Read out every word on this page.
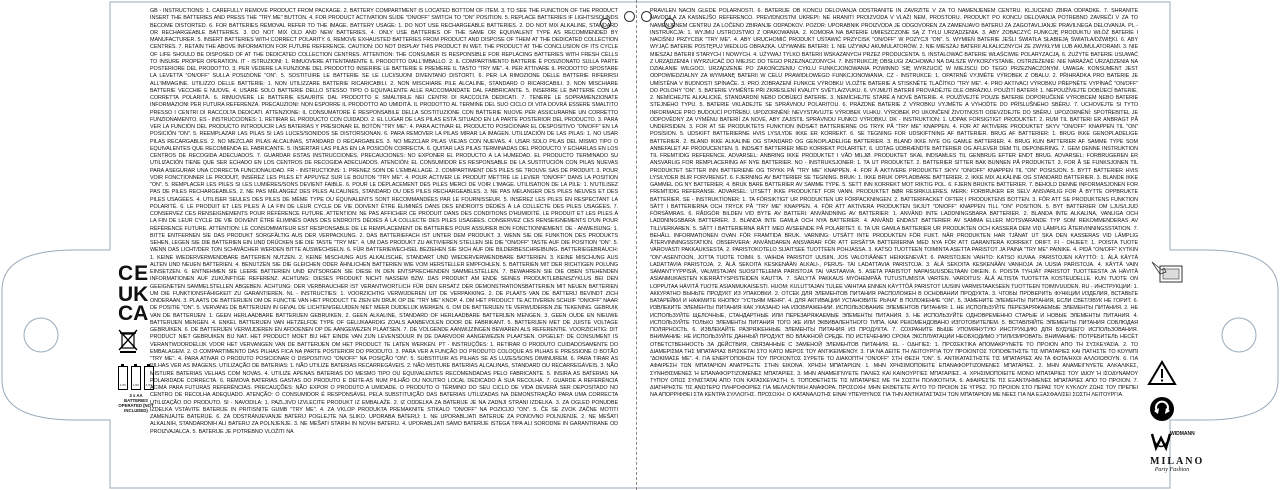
GB - INSTRUCTIONS: 1. CAREFULLY REMOVE PRODUCT FROM PACKAGE. 2. BATTERY COMPARTMENT IS LOCATED BOTTOM OF ITEM. 3. TO SEE THE FUNCTION OF THE PRODUCT INSERT THE BATTERIES AND PRESS THE "TRY ME" BUTTON. 4. FOR PRODUCT ACTIVATION SLIDE "ON/OFF" SWITCH TO "ON" POSITION. 5. REPLACE BATTERIES IF LIGHTS/SOUNDS BECOME DISTORTED. 6. FOR BATTERIES REMOVAL REFER TO THE IMAGE. BATTERY USAGE: 1. DO NOT USE RECHARGEABLE BATTERIES. 2. DO NOT MIX ALKALINE, STANDARD OR RECHARGEABLE BATTERIES. 3. DO NOT MIX OLD AND NEW BATTERIES. 4. ONLY USE BATTERIES OF THE SAME OR EQUIVALENT TYPE AS RECOMMENDED BY MANUFACTURER. 5. INSERT BATTERIES WITH CORRECT POLARITY. 6. REMOVE EXHAUSTED BATTERIES FROM PRODUCT AND DISPOSE OF THEM AT THE DEDICATED COLLECTION CENTRES. 7. RETAIN THE ABOVE INFORMATION FOR FUTURE REFERENCE. CAUTION: DO NOT DISPLAY THIS PRODUCT IN WET. THE PRODUCT AT THE CONCLUSION OF ITS CYCLE OF LIFE SHOULD BE DISPOSED OF AT THE DEDICATED COLLECTION CENTRES. ATTENTION: THE CONSUMER IS RESPONSIBLE FOR REPLACING BATTERIES WITH FRESH CELLS TO INSURE PROPER OPERATION. IT - ISTRUZIONI: 1. RIMUOVERE ATTENTAMENTE IL PRODOTTO DALL'IMBALLO. 2. IL COMPARTIMENTO BATTERIE È POSIZIONATO SULLA PARTE POSTERIORE DEL PRODOTTO. 3. PER VEDERE LA FUNZIONE DEL PRODOTTO INSERIRE LE BATTERIE E PREMERE IL TASTO "TRY ME". 4. PER ATTIVARE IL PRODOTTO SPOSTARE LA LEVETTA "ON/OFF" SULLA POSIZIONE "ON". 5. SOSTITUIRE LE BATTERIE SE LE LUCI/SUONI DIVENTANO DISTORTI. 6. PER LA RIMOZIONE DELLE BATTERIE RIFERIRSI ALL'IMMAGINE. UTILIZZO DELLE BATTERIE: 1. NON UTILIZZARE BATTERIE RICARICABILI. 2. NON MISCHIARE PILE ALCALINE, STANDARD O RICARICABILI. 3. NON MISCHIARE BATTERIE VECCHIE E NUOVE. 4. USARE SOLO BATTERIE DELLO STESSO TIPO O EQUIVALENTE ALLE RACCOMANDATE DAL FABBRICANTE. 5. INSERIRE LE BATTERIE CON LA CORRETTA POLARITÀ. 6. RIMUOVERE LE BATTERIE ESAURITE DAL PRODOTTO E SMALTIRLE NEI CENTRI DI RACCOLTA DEDICATI. 7. TENERE LE SOPRAMENZIONATE INFORMAZIONI PER FUTURA REFERENZA. PRECAUZIONI: NON ESPORRE IL PRODOTTO AD UMIDITÀ. IL PRODOTTO AL TERMINE DEL SUO CICLO DI VITA DOVRÀ ESSERE SMALTITO PRESSO I CENTRI DI RACCOLTA DEDICATI. ATTENZIONE: IL CONSUMATORE È RESPONSABILE DELLA SOSTITUZIONE CON BATTERIE NUOVE PER ASSICURARNE UN CORRETTO FUNZIONAMENTO. ES - INSTRUCCIONES: 1. RETIRAR EL PRODUCTO CON CUIDADO. 2. EL LUGAR DE LAS PILAS ESTÁ SITUADO EN LA PARTE POSTERIOR DEL PRODUCTO. 3. PARA VER LA FUNCIÓN DEL PRODUCTO INTRODUCIR LAS BATERÍAS Y PRESIONAR EL BOTÓN "TRY ME". 4. PARA ACTIVAR EL PRODUCTO POSICIONAR EL DESPOSITIVO "ON/OFF" EN LA POSICIÓN "ON". 5. REEMPLAZAR LAS PILAS SI LAS LUCES/SONIDOS SE DISTORSIONAN. 6. PARA REMOVER LA PILAS MIRAR LA IMAGEN. UTILIZACIÓN DE LAS PILAS: 1. NO USAR PILAS RECARGABLES. 2. NO MEZCLAR PILAS ALCALINAS, STANDARD O RECARGABLES. 3. NO MEZCLAR PILAS VIEJAS CON NUEVAS. 4. USAR SOLO PILAS DEL MISMO TIPO O EQUIVALENTES QUE RECOMIENDA EL FABRICANTE. 5. INSERTAR LAS PILAS EN LA POSICIÓN CORRECTA. 6. QUITAR LAS PILAS TERMINADAS DEL PRODUCTO Y ECHARLAS EN LOS CENTROS DE RECOGIDA ADECUADOS. 7. GUARDAR ESTAS INSTRUCCIONES. PRECAUCIONES: NO EXPONER EL PRODUCTO A LA HUMEDAD. EL PRODUCTO TERMINADO SU UTILIZACIÓN TIENE QUE SER ECHADO EN LOS CENTROS DE RECOGIDA ADECUADOS. ATENCIÓN: EL CONSUMIDOR ES RESPONSABLE DE LA SUSTITUCIÓN CON PILAS NUEVAS PARA ASEGURAR UNA CORRECTA FUNCIONALIDAD. FR - INSTRUCTIONS: 1. PRENEZ SOIN DE L'EMBALLAGE. 2. COMPARTIMENT DES PILES SE TROUVE SAS DE PRODUIT. 3. POUR VOIR FONCTIONNER LE PRODUIT, INSÉREZ LES PILES ET APPUYEZ SUR LE BOUTON "TRY ME". 4. POUR ACTIVER LE PRODUIT METTRE LE LEVIER "ON/OFF" DANS LA POSITION "ON". 5. REMPLACER LES PILES SI LES LUMIÈRES/SONS DEVIENT FAIBLE. 6. POUR LE DÉPLACEMENT DES PILES MERCI DE VOIR L'IMAGE. UTILISATION DE LA PILE: 1. N'UTILISEZ PAS DE PILES RECHARGEABLES. 2. NE PAS MÉLANGEZ DES PILES ALCALINES, STANDARD OU DES PILES RECHARGEABLES. 3. NE PAS MÉLANGER DES PILES NEUVES ET DES PILES USAGÉES. 4. UTILISER SEULES DES PILES DE MÊME TYPE OU ÉQUIVALENTS SONT RECOMMANDÉES PAR LE FOURNISSEUR. 5. INSÉREZ LES PILES EN RESPECTANT LA POLARITÉ. 6. LE PRODUIT ET LES PILES À LA FIN DE LEUR CYCLE DE VIE DOIVENT ÊTRE ÉLIMINÉS DANS DES ENDROITS DÉDIÉS À LA COLLECTE DES PILES USAGÉES. 7. CONSERVEZ CES RENSEIGNEMENTS POUR RÉFÉRENCE FUTURE. ATTENTION: NE PAS AFFICHER CE PRODUIT DANS DES CONDITIONS D'HUMIDITÉ. LE PRODUIT ET LES PILES À LA FIN DE LEUR CYCLE DE VIE DOIVENT ÊTRE ÉLIMINÉS DANS DES ENDROITS DÉDIÉS À LA COLLECTE DES PILES USAGÉES. CONSERVEZ CES RENSEIGNEMENTS D'UN POUR RÉFÉRENCE FUTURE. ATTENTION: LE CONSOMMATEUR EST RESPONSABLE DE LE REMPLACEMENT DE BATTERIES POUR ASSURER BON FONCTIONNEMENT. DE - ANWEISUNG: 1. BITTE ENTFERNEN SIE DAS PRODUKT SORGFÄLTIG AUS DER VERPACKUNG. 2. DAS BATTERIEFACH IST UNTER DEM PRODUKT. 3. WENN SIE DIE FUNKTION DES PRODUKTS SEHEN, LEGEN SIE DIE BATTERIEN EIN UND DRÜCKEN SIE DIE TASTE "TRY ME". 4. UM DAS PRODUKT ZU AKTIVIEREN STELLEN SIE DIE "ON/OFF" TASTE AUF DIE POSITION "ON". 5. WENN DAS LICHT/DER TON SCHWÄCHER WERDEN BITTE AUSWECHSELN. 6. FÜR BATTERIEWECHSEL BEZIEHEN SIE SICH AUF DIE BILDERBESCHREIBUNG. BATTERIEGEBRAUCH: 1. KEINE WIEDERVERWENDBARE BATTERIEN NUTZEN. 2. KEINE MISCHUNG AUS ALKALISCHE, STANDART UND WIEDERVERWENDBARE BATTERIEN. 3. KEINE MISCHUNG AUS ALTEN UND NEUEN BATTERIEN. 4. BENUTZEN SIE DIE GLEICHEN ODER ÄHNLICHEN BATTERIEN WIE VOM HERSTELLER EMPFOHLEN. 5. BATTERIEN MIT DER RICHTIGEN POLUNG EINSETZEN. 6. ENTNEHMEN SIE LEERE BATTERIEN UND ENTSORGEN SIE DIESE IN DEN ENTSPRECHENDEN SAMMELSTELLEN. 7. BEWAHREN SIE DIE OBEN STEHENDEN INFORMATIONEN AUF ZUKÜNFTIGE REFERENZ. ACHTUNG: DIESES PRODUKT NICHT NASSEM BZW. DAS PRODUKT AM ENDE SEINES PRODUKTLEBENSZYKLUS BEI DEN GEEIGNETEN SAMMELSTELLEN ABGEBEN. ACHTUNG: DER VERBRAUCHER IST VERANTWORTLICH FÜR DEN ERSATZ DER DEMONSTRATIONSBATTERIEN MIT NEUEN BATTERIEN UM DIE FUNKTIONSFÄHIGKEIT ZU GARANTIEREN. NL - INSTRUCTIES: 1. VOORZICHTIG VERWIJDEREN UIT DE VERPAKKING. 2. DE PLAATS VAN DE BATTERIJ BEVINDT ZICH ONDERAAN. 3. PLAATS DE BATTERIJEN OM DE FUNCTIE VAN HET PRODUCT TE ZIEN EN DRUK OP DE "TRY ME" KNOP. 4. OM HET PRODUCT TE ACTIVEREN SCHUIF "ON/OFF" NAAR DE POSITIE "ON". 5. VERVANG DE BATTERIJEN IN GEVAL DE LICHTEN/GELUIDEN NIET MEER DUIDELIJK WERKEN. 6. OM DE BATTERIJEN TE VERWIJDEREN ZIE TEKENING. GEBRUIK VAN DE BATTERIJEN: 1. GEEN HERLAADBARE BATTERIJEN GEBRUIKEN. 2. GEEN ALKALINE, STANDARD OF HERLAADBARE BATTERIJEN MENGEN. 3. GEEN OUDE EN NIEUWE BATTERIJEN MENGEN. 4. ENKEL BATTERIJEN VAN HETZELFDE TYPE OF GELIJKAARDIG ZOALS AANBEVOLEN DOOR DE FABRIKANT. 5. BATTERIJEN MET DE JUISTE VOLTAGE GEBRUIKEN. 6. DE BATTERIJEN VERWIJDEREN EN AFDOENEN OP DE AANGEWEZEN PLAATSEN. 7. DE VOLGENDE AANWIJZINGEN BEWAREN ALS REFERENTIE. VOORZICHTIG: DIT PRODUCT NIET GEBRUIKEN BIJ NAT. HET PRODUCT MOET BIJ HET EINDE VAN ZIJN LEVENSDUUR IN DE DAARVOOR AANGEWEZEN PLAATSEN. OPGELET: DE CONSUMENT IS VERANTWOORDELIJK VOOR HET VERVANGEN VAN DE BATTERIJEN OM HET PRODUCT TE LATEN WERKEN. PT - INSTRUÇÕES: 1. RETIRAR O PRODUTO CUIDADOSAMENTE DO EMBALAGEM. 2. O COMPARTIMENTO DAS PILHAS FICA NA PARTE POSTERIOR DO PRODUTO. 3. PARA VER A FUNÇÃO DO PRODUTO COLOQUE AS PILHAS E PRESSIONE O BOTÃO "TRY ME". 4. PARA ATIVAR O PRODUTO POSICIONAR O DISPOSITIVO "ON/OFF" NA POSIÇÃO "ON". 5. SUBSTITUIR AS PILHAS SE AS LUZES/SONS DIMINUIREM. 6. PARA TIRAR AS PILHAS VER AS IMAGENS. UTILIZAÇÃO DE BATERIAS: 1. NÃO UTILIZE BATERIAS RECARREGÁVEIS. 2. NÃO MISTURE BATERIAS ALCALINAS, STANDARD OU RECARREGÁVEIS. 3. NÃO MISTURE BATERIAS VELHAS COM NOVAS. 4. UTILIZE APENAS BATERIAS DO MESMO TIPO OU EQUIVALENTES RECOMENDADAS PELO FABRICANTE. 5. INSIRA AS BATERIAS NA POLARIDADE CORRECTA. 6. REMOVA BATERIAS GASTAS DO PRODUTO E DEITE-AS NUM PILHÃO OU NOUTRO LOCAL DEDICADO À SUA RECOLHA. 7. GUARDE A REFERÊNCIA ACIMA PARA FUTURAS REFERÊNCIAS. PRECAUÇÕES: NÃO EXPOR O PRODUTO A UMIDADE. O PRODUTO O TÉRMINO DO SEU CICLO DE VIDA DEVERÁ SER DEPOSITADO NO CENTRO DE RECOLHA ADEQUADO. ATENÇÃO: O CONSUMIDOR É RESPONSÁVEL PELA SUBSTITUIÇÃO DAS BATERIAS UTILIZADAS NA DEMONSTRAÇÃO PARA UMA CORRECTA UTILIZAÇÃO DO PRODUTO. SI - NAVODILA: 1. PAZLJIVO IZVLECITE PRODUKT IZ EMBALAŽE. 2. IZ ODDELKA ZA BATERIJE JE NA ZADNJI STRANI IZDELKA. 3. ZA OGLED PONUDBE IZDELKA VSTAVITE BATERIJE IN PRITISNITE GUMB "TRY ME". 4. ZA VKLOP PRODUKTA PREMAKNITE STIKALO "ON/OFF" NA POZICIJO "ON". 5. ČE SE ZVOK ZAČNE MOTITI ZAMENJAJTE BATERIJE. 6. ZA ODSTRANJEVANJE BATERIJ POGLEJTE NA SLIKO. UPORABA BATERIJ: 1. NE UPORABLJATI BATERIJE ZA PONOVNO POLNJENJE. 2. NE MEŠATI ALKALNIH, STANDARDNIH ALI BATERIJ ZA POLNJENJE. 3. NE MEŠATI STARIH IN NOVIH BATERIJ. 4. UPORABLJATI SAMO BATERIJE ISTEGA TIPA ALI SORODNE IN GARANTIRANE OD PROIZVAJALCA. 5. BATERIJE JE POTREBNO VLOŽITI NA
PRAVILEN NAČIN GLEDE POLARNOSTI. 6. BATERIJE OB KONCU DELOVANJA ODSTRANITE IN ZAVRZITE V ZA TO NAMENJENEM CENTRU. KLJUČENO ZBIRA ODPADKE. 7. SHRANITE NAVODILA ZA KASNEJŠO REFERENCO. PREVIDNOSTNI UKREPI: NE HRANITI PROIZVODA V VLAŽI NEM, PROSTORU. PRODUKT PO KONCU DELOVANJA POTREBNO ZAVREČI V ZA TO NAMENJENEM CENTRU ZA LOČENO ZBIRANJE ODPADKOV. POZOR: UPORABNIK PROIZVODA JE ODGOVOREN ZA ZAMENJAVO BATERIJ ZA ZAGOTAVLJANJE PRAVILNEGA DELOVANJA. PL - INSTRUKCJA: 1. WYJMIJ USTROJSTWO Z OPAKOWANIA. 2. KOMORA NA BATERIE UMIESZCZONE SĄ Z TYŁU URZĄDZENIA. 3. ABY ZOBACZYĆ FUNKCJĘ PRODUKTU WŁÓŻ BATERIE I NACIŚNIJ PRZYCISK "TRY ME". 4. ABY URUCHOMIĆ PRODUKT USTAWIĆ PRZYCISK "ON/OFF" W POZYCJI "ON". 5. WYMIEŃ BATERIE JEŚLI ŚWIATŁA SŁABIEJĄ ŚWIATŁA/DŹWIĘKI. 6. ABY WYJĄĆ BATERIE POSTĘPUJ WEDŁUG OBRAZKA. UŻYWANIE BATERII: 1. NIE UŻYWAJ AKUMULATORÓW. 2. NIE MIESZAJ BATERII ALKALICZNYCH ZE ZWYKŁYMI LUB AKUMULATORAMI. 3. NIE MIESZAJ BATERII STARYCH I NOWYCH. 4. UŻYWAJ TYLKO BATERII WSKAZANYCH PRZEZ PRODUCENTA. 5. INSTALOWAĆ BATERIE WŁAŚCIWIE POLARYZACJĄ. 6. ZUŻYTE BATERIE USUWAĆ Z URZĄDZENIA I WYRZUCAĆ DO MIEJSC DO TEGO PRZEZNACZONYCH. 7. INSTRUKCJĘ OBSŁUGI ZACHOWAJ NA DALSZE WYKORZYSTANIE. OSTRZEŻENIE: NIE NARAŻAĆ URZĄDZENIA NA DZIAŁANIE WILGOCI. URZĄDZENIE PO ZAKOŃCZENIU CYKLU FUNKCJONOWANIA POWINNO SIĘ WYRZUCIĆ W MIEJSCU DO TEGO PRZEZNACZONYM. UWAGA: KONSUMENT JEST ODPOWIEDZIALNY ZA WYMIANĘ BATERII W CELU PRAWIDŁOWEGO FUNKCJONOWANIA. CZ - INSTRUKCE: 1. OPATRNĚ VYJMĚTE VÝROBEK Z OBALU. 2. PŘIHRÁDKA PRO BATERIE JE UMÍSTĚNA V BUDNOSTI SPÍNAČE. 3. PRO ZOBRAZENÍ FUNKCE VÝROBKU VLOŽTE BATERIE A STISKNĚTE TLAČÍTKO "TRY ME". 4. PRO AKTIVACI VÝROBKU PŘEPNĚTE VYPÍNAČ "ON/OFF" DO POLOHY "ON". 5. BATERIE VYMĚŇTE PŘI ZKRESLENÍ KVALITY SVĚTLA/ZVUKU. 6. VYJMUTÍ BATERIÍ PROVÁDĚJTE DLE OBRÁZKU. POUŽITÍ BATERIÍ: 1. NEPOUŽÍVEJTE DOBÍJECÍ BATERIE. 2. NEMÍCHEJTE ALKALICKÉ, STANDARDNÍ NEBO DOBÍJECÍ BATERIE. 3. NEMÍCHEJTE STARÉ A NOVÉ BATERIE. 4. POUŽÍVEJTE POUZE BATERIE DOPORUČENÉ VÝROBCEM NEBO BATERIE STEJNÉHO TYPU. 5. BATERIE VKLÁDEJTE SE SPRÁVNOU POLARITOU. 6. PRÁZDNÉ BATERIE Z VÝROBKU VYJMĚTE A VYHOĎTE DO PŘÍSLUŠNÉHO SBĚRU. 7. UCHOVEJTE SI TYTO INFORMACE PRO BUDOUCÍ POTŘEBU. UPOZORNĚNÍ: NEVYSTAVUJTE VÝROBEK VLHKU. VÝROBEK PO UKONČENÍ ŽIVOTNOSTI ODEVZDEJTE DO SBĚRU. UPOZORNĚNÍ: SPOTŘEBITEL JE ODPOVĚDNÝ ZA VÝMĚNU BATERIÍ ZA NOVÉ, ABY ZAJISTIL SPRÁVNOU FUNKCI VÝROBKU. DK - INSTRUKTION: 1. UDPAK FORSIGTIGT PRODUKTET. 2. RUM TIL BATTERI ER ANBRAGT PÅ UNDERSIDEN. 3. FOR AT SE PRODUKTETS FUNKTION INDSÆT BATTERIERNE OG TRYK PÅ "TRY ME" KNAPPEN. 4. FOR AT AKTIVERE PRODUKTET SKYV "ON/OFF" KNAPPEN TIL "ON" POSISION. 5. UDSKIFT BATTERIERNE HVIS LYS/LYDE IKKE ER KORREKT. 6. SE TEGNING FOR UDSKIFTNING AF BATTERIER. BRUG AF BATTERIER: 1. BRUG IKKE GENOPLADELIGE BATTERIER. 2. BLAND IKKE ALKALINE OG STANDARD OG GENOPLADELIGE BATTERIER. 3. BLAND IKKE NYE OG GAMLE BATTERIER. 4. BRUG KUN BATTERIER AF SAMME TYPE SOM ANBEFALET AF PRODUCENTEN. 5. INDSÆT BATTERIER MED KORREKT POLARITET. 6. UDTAG UDBRÆNDTE BATTERIER OG AFLEVER DEM TIL DEPONERING. 7. GEM DENNE INSTRUKTION TIL FREMTIDIG REFERENCE. ADVARSEL: ANBRING IKKE PRODUKTET I VÅD MILJØ. PRODUKTET SKAL INDSAMLES TIL GENBRUG EFTER ENDT BRUG. ADVARSEL: FORBRUGEREN ER ANSVARLIG FOR REMPLACERING AF NYE BATTERIER. NO - INSTRUKSJONER: 1. TA UT PRODUKTET. 2. BATTERIER SITTER BAK BUNNEN PÅ PRODUKTET. 3. FOR Å SE FUNKSJONEN TIL PRODUKTET SETTER INN BATTERIENE OG TRYKK PÅ "TRY ME" KNAPPEN. 4. FOR Å AKTIVERE PRODUKTET SKYV "ON/OFF" KNAPPEN TIL "ON" POSISJON. 5. BYTT BATTERIER HVIS LYS/LYDER BLIR FORVRENGT. 6. FJERNING AV BATTERIER SE TEGNING. BRUK: 1. IKKE BRUK OPPLADBARE BATTERIER. 2. IKKE MIX ALKALINE OG STANDARD BATTERIER. 3. BLANDE IKKE GAMMEL OG NY BATTERIER. 4. BRUK BARE BATTERIER AV SAMME TYPE. 5. SETT INN KORREKT MOT RIKTIG POL. 6. FJERN BRUKTE BATTERIER. 7. BEHOLD DENNE INFORMASJONEN FOR FREMTIDIG REFERANSE. ADVARSEL: UTSETT IKKE PRODUKTET FOR VANN. PRODUKTET BØR RESIRKULERES. MERK: FORBRUKER ER SELV ANSVARLIG FOR Å BYTTE OPPBRUKTE BATTERIER. SE - INSTRUKTIONER: 1. TA FÖRSIKTIGT UR PRODUKTEN UR FÖRPACKNINGEN. 2. BATTERIFACKET OFTER I PRODUKTENS BOTTEN. 3. FÖR ATT SE PRODUKTENS FUNKTION SÄTT I BATTERIERNA OCH TRYCK PÅ "TRY ME" KNAPPEN. 4. FÖR ATT AKTIVERA PRODUKTEN SKJUT "ON/OFF" KNAPPEN TILL "ON" POSITION. 5. BYT BATTERIER OM LJUS/LJUD FÖRSÄMRAS. 6. RÅDGÖR BILDEN VID BYTE AV BATTERI. ANVÄNDNING AV BATTERIER: 1. ANVÄND INTE LADDNINGSBARA BATTERIER. 2. BLANDA INTE ALKALINA, VANLIGA OCH LADDNINGSBARA BATTERIER. 3. BLANDA INTE GAMLA OCH NYA BATTERIER. 4. ANVÄND ENDAST BATTERIER AV SAMMA ELLER MOTSVARANDE TYP SOM REKOMMENDERAS AV TILLVERKAREN. 5. SÄTT I BATTERIERNA RÄTT MED AVSEENDE PÅ POLARITET. 6. TA UR GAMLA BATTERIER UR PRODUKTEN OCH KASSERA DEM VID LÄMPLIG ÅTERVINNINGSSTATION. 7. BEHÅLL INFORMATIONEN OVAN FÖR FRAMTIDA BRUK. VARNING: UTSÄTT INTE PRODUKTEN FÖR FUKT. NÄR PRODUKTEN HAR TJÄNAT UT SKA DEN KASSERAS VID LÄMPLIG ÅTERVINNINGSSTATION. OBSERVERA: ANVÄNDAREN ANSVARAR FÖR ATT ERSÄTTA BATTERIERNA MED NYA FÖR ATT GARANTERA KORREKT DRIFT. FI - OHJEET: 1. POISTA TUOTE VAROVASTI PAKKAUKSESTA. 2. PARISTOKOTELO SIJAITSEE TUOTTEEN POHJASSA. 3. KATSO TUOTTEEN TOIMINTA ASETTA PARISTOT JA PAINA "TRY ME" PAINIKE. 4. PIDÄ "ON/OFF" KYTKIN "ON"-ASENTOON, JOTTA TUOTE TOIMII. 5. VAIHDA PARISTOT UUSIIN, JOS VALOT/ÄÄNET HEIKKENEVÄT. 6. PARISTOJEN VAIHTO: KATSO KUVAA. PARISTOJEN KÄYTTÖ: 1. ÄLÄ KÄYTÄ LADATTAVIA PARISTOJA. 2. ÄLÄ SEKOITA KESKENÄÄN ALKALI-, PERUS- TAI LADATTAVIA PARISTOJA. 3. ÄLÄ SEKOITA KESKENÄÄN VANHOJA JA UUSIA PARISTOJA. 4. KÄYTÄ VAIN SAMANTYYPPISIÄ, VALMISTAJAN SUOSITTELEMIA PARISTOJA TAI VASTAAVIA. 5. ASETA PARISTOT NAPAISUUSDELTAAN OIKEIN. 6. POISTA TYHJÄT PARISTOT TUOTTEESTA JA HÄVITÄ ASIANMUKAISTEN KIERRÄTYSPISTEIDEN KAUTTA. 7. SÄILYTÄ PAKKAUS MYÖHEMPÄÄ TUTUSTUMISTA VARTEN. VAROITUS: ÄLÄ ALTISTA TUOTETTA KOSTEUDELLE. KUN TUOTE ON LOPPUTAA HÄVITÄ TUOTE ASIANMUKAISESTI. HUOM: KULUTTAJAN TULEE VAIHTAA ENNEN KÄYTTÖÄ PARISTOT UUSIIN VARMISTAAKSEEN TUOTTEEN TOIMIVUUDEN. RU - ИНСТРУКЦИИ: 1. АККУРАТНО ВЫНЬТЕ ПРОДУКТ ИЗ УПАКОВКИ. 2. ОТСЕК ДЛЯ ЭЛЕМЕНТОВ ПИТАНИЯ РАСПОЛОЖЕН В ОСНОВАНИИ ПРОДУКТА. 3. ЧТОБЫ ПРОВЕРИТЬ ФУНКЦИИ ИЗДЕЛИЯ, ВСТАВЬТЕ БАТАРЕЙКИ И НАЖМИТЕ КНОПКУ "УСТЬЯМ МЕНЯ". 4. ДЛЯ АКТИВАЦИИ УСТАНОВИТЕ РЫЧАГ В ПОЛОЖЕНИЕ "ON". 5. ЗАМЕНИТЕ ЭЛЕМЕНТЫ ПИТАНИЯ, ЕСЛИ СВЕТ/ЗВУК НЕ ГОРИТ. 6. ИЗВЛЕКИТЕ ЭЛЕМЕНТЫ ПИТАНИЯ КАК УКАЗАНО НА ИЗОБРАЖЕНИИ. ИСПОЛЬЗОВАНИЕ ЭЛЕМЕНТОВ ПИТАНИЯ: 1. НЕ ИСПОЛЬЗУЙТЕ ПЕРЕЗАРЯЖАЕМЫЕ ЭЛЕМЕНТЫ ПИТАНИЯ. 2. НЕ ИСПОЛЬЗУЙТЕ ЩЕЛОЧНЫЕ, СТАНДАРТНЫЕ ИЛИ ПЕРЕЗАРЯЖАЕМЫЕ ЭЛЕМЕНТЫ ПИТАНИЯ. 3. НЕ ИСПОЛЬЗУЙТЕ ОДНОВРЕМЕННО СТАРЫЕ И НОВЫЕ ЭЛЕМЕНТЫ ПИТАНИЯ. 4. ИСПОЛЬЗУЙТЕ ТОЛЬКО ЭЛЕМЕНТЫ ПИТАНИЯ ТОГО ЖЕ ИЛИ ЭКВИВАЛЕНТНОГО ТИПА, КАК РЕКОМЕНДОВАНО ИЗГОТОВИТЕЛЕМ. 5. ВСТАВЛЯЙТЕ ЭЛЕМЕНТЫ ПИТАНИЯ СОБЛЮДАЯ ПОЛЯРНОСТЬ. 6. ИЗВЛЕКАЙТЕ РАЗРЯЖЕННЫЕ ЭЛЕМЕНТЫ ПИТАНИЯ ИЗ ПРОДУКТА. 7. СОХРАНИТЕ ВЫШЕ УПОМЯНУТУЮ ИНСТРУКЦИЮ ДЛЯ БУДУЩЕГО ИСПОЛЬЗОВАНИЯ. ВНИМАНИЕ: НЕ ИСПОЛЬЗУЙТЕ ДАННЫЙ ПРОДУКТ ВО ВЛАЖНОЙ СРЕДЕ. ПО ИСТЕЧЕНИЮ СРОКА ЭКСПЛУАТАЦИИ НЕОБХОДИМО УТИЛИЗИРОВАТЬ. ВНИМАНИЕ: ПОТРЕБИТЕЛЬ НЕСЁТ ОТВЕТСТВЕННОСТЬ ЗА ДЕЙСТВИЯ, СВЯЗАННЫЕ С ЗАМЕНОЙ ЭЛЕМЕНТОВ ПИТАНИЯ. EL - ΟΔΗΓΙΕΣ: 1. ΠΡΟΣΕΚΤΙΚΑ ΑΠΟΜΑΚΡΥΝΕΤΕ ΤΟ ΠΡΟΙΟΝ ΑΠΟ ΤΗ ΣΥΣΚΕΥΑΣΙΑ. 2. ΤΟ ΔΙΑΜΕΡΙΣΜΑ ΤΗΣ ΜΠΑΤΑΡΙΑΣ ΒΡΙΣΚΕΤΑΙ ΣΤΟ ΚΑΤΩ ΜΕΡΟΣ ΤΟΥ ΑΝΤΙΚΕΙΜΕΝΟΥ. 3. ΓΙΑ ΝΑ ΔΕΙΤΕ ΤΗ ΛΕΙΤΟΥΡΓΙΑ ΤΟΥ ΠΡΟΙΟΝΤΟΣ ΤΟΠΟΘΕΤΗΣΤΕ ΤΙΣ ΜΠΑΤΑΡΙΕΣ ΚΑΙ ΠΑΤΗΣΤΕ ΤΟ ΚΟΥΜΠΙ "ΔΟΚΙΜΑΣΕ ΜΕ". 4. ΓΙΑ ΕΝΕΡΓΟΠΟΙΗΣΗ ΤΟΥ ΠΡΟΙΟΝΤΟΣ ΣΥΡΕΤΕ ΤΟ ΔΙΑΚΟΠΤΗ "ON/OFF" ΣΤΗ ΘΕΣΗ "ON". 5. ΑΝΤΙΚΑΤΑΣΤΗΣΤΕ ΤΙΣ ΜΠΑΤΑΡΙΕΣ ΑΝ ΤΑ ΦΩΤΑ/ΗΧΟΙ ΑΛΛΟΙΩΘΟΥΝ. 6. ΓΙΑ ΑΦΑΙΡΕΣΗ ΤΩΝ ΜΠΑΤΑΡΙΩΝ ΑΝΑΤΡΕΞΤΕ ΣΤΗΝ ΕΙΚΟΝΑ. ΧΡΗΣΗ ΜΠΑΤΑΡΙΩΝ: 1. ΜΗΝ ΧΡΗΣΙΜΟΠΟΙΕΙΤΕ ΕΠΑΝΑΦΟΡΤΙΖΟΜΕΝΕΣ ΜΠΑΤΑΡΙΕΣ. 2. ΜΗΝ ΑΝΑΜΕΙΓΝΥΕΤΕ ΑΛΚΑΛΙΚΕΣ, ΣΥΝΗΘΙΣΜΕΝΕΣ Ή ΕΠΑΝΑΦΟΡΤΙΖΟΜΕΝΕΣ ΜΠΑΤΑΡΙΕΣ. 3. ΜΗΝ ΑΝΑΜΕΙΓΝΥΕΤΕ ΠΑΛΙΕΣ ΚΑΙ ΚΑΙΝΟΥΡΓΙΕΣ ΜΠΑΤΑΡΙΕΣ. 4. ΧΡΗΣΙΜΟΠΟΙΕΙΤΕ ΜΟΝΟ ΜΠΑΤΑΡΙΕΣ ΤΟΥ ΙΔΙΟΥ Ή ΙΣΟΔΥΝΑΜΟΥ ΤΥΠΟΥ ΟΠΩΣ ΣΥΝΙΣΤΑΤΑΙ ΑΠΟ ΤΟΝ ΚΑΤΑΣΚΕΥΑΣΤΗ. 5. ΤΟΠΟΘΕΤΗΣΤΕ ΤΙΣ ΜΠΑΤΑΡΙΕΣ ΜΕ ΤΗ ΣΩΣΤΗ ΠΟΛΙΚΟΤΗΤΑ. 6. ΑΦΑΙΡΕΣΤΕ ΤΙΣ ΕΞΑΝΤΛΗΜΕΝΕΣ ΜΠΑΤΑΡΙΕΣ ΑΠΟ ΤΟ ΠΡΟΙΟΝ. 7. ΔΙΑΤΗΡΗΣΤΕ ΤΙΣ ΑΝΩΤΕΡΩ ΠΛΗΡΟΦΟΡΙΕΣ ΓΙΑ ΜΕΛΛΟΝΤΙΚΗ ΑΝΑΦΟΡΑ. ΠΡΟΣΟΧΗ: ΜΗΝ ΕΚΘΕΤΕΤΕ ΑΥΤΟ ΤΟ ΠΡΟΙΟΝ ΣΕ ΥΓΡΕΣ. ΤΟ ΠΡΟΙΟΝ ΣΤΟ ΠΕΡΑΣ ΤΟΥ ΚΥΚΛΟΥ ΖΩΗΣ ΤΟΥ ΠΡΕΠΕΙ ΝΑ ΑΠΟΡΡΙΦΘΕΙ ΣΤΑ ΚΕΝΤΡΑ ΣΥΛΛΟΓΗΣ. ΠΡΟΣΟΧΗ: Ο ΚΑΤΑΝΑΛΩΤΗΣ ΕΙΝΑΙ ΥΠΕΥΘΥΝΟΣ ΓΙΑ ΤΗΝ ΑΝΤΙΚΑΤΑΣΤΑΣΗ ΤΩΝ ΜΠΑΤΑΡΙΩΝ ΜΕ ΝΕΕΣ ΓΙΑ ΝΑ ΕΞΑΣΦΑΛΙΣΕΙ ΣΩΣΤΗ ΛΕΙΤΟΥΡΓΙΑ.
CE
UK
CA
1.5V	1.5V	1.5V
3 x AA BATTERIES OPERATED (NOT INCLUDED)
WIDMANN
MILANO
Party Fashion
